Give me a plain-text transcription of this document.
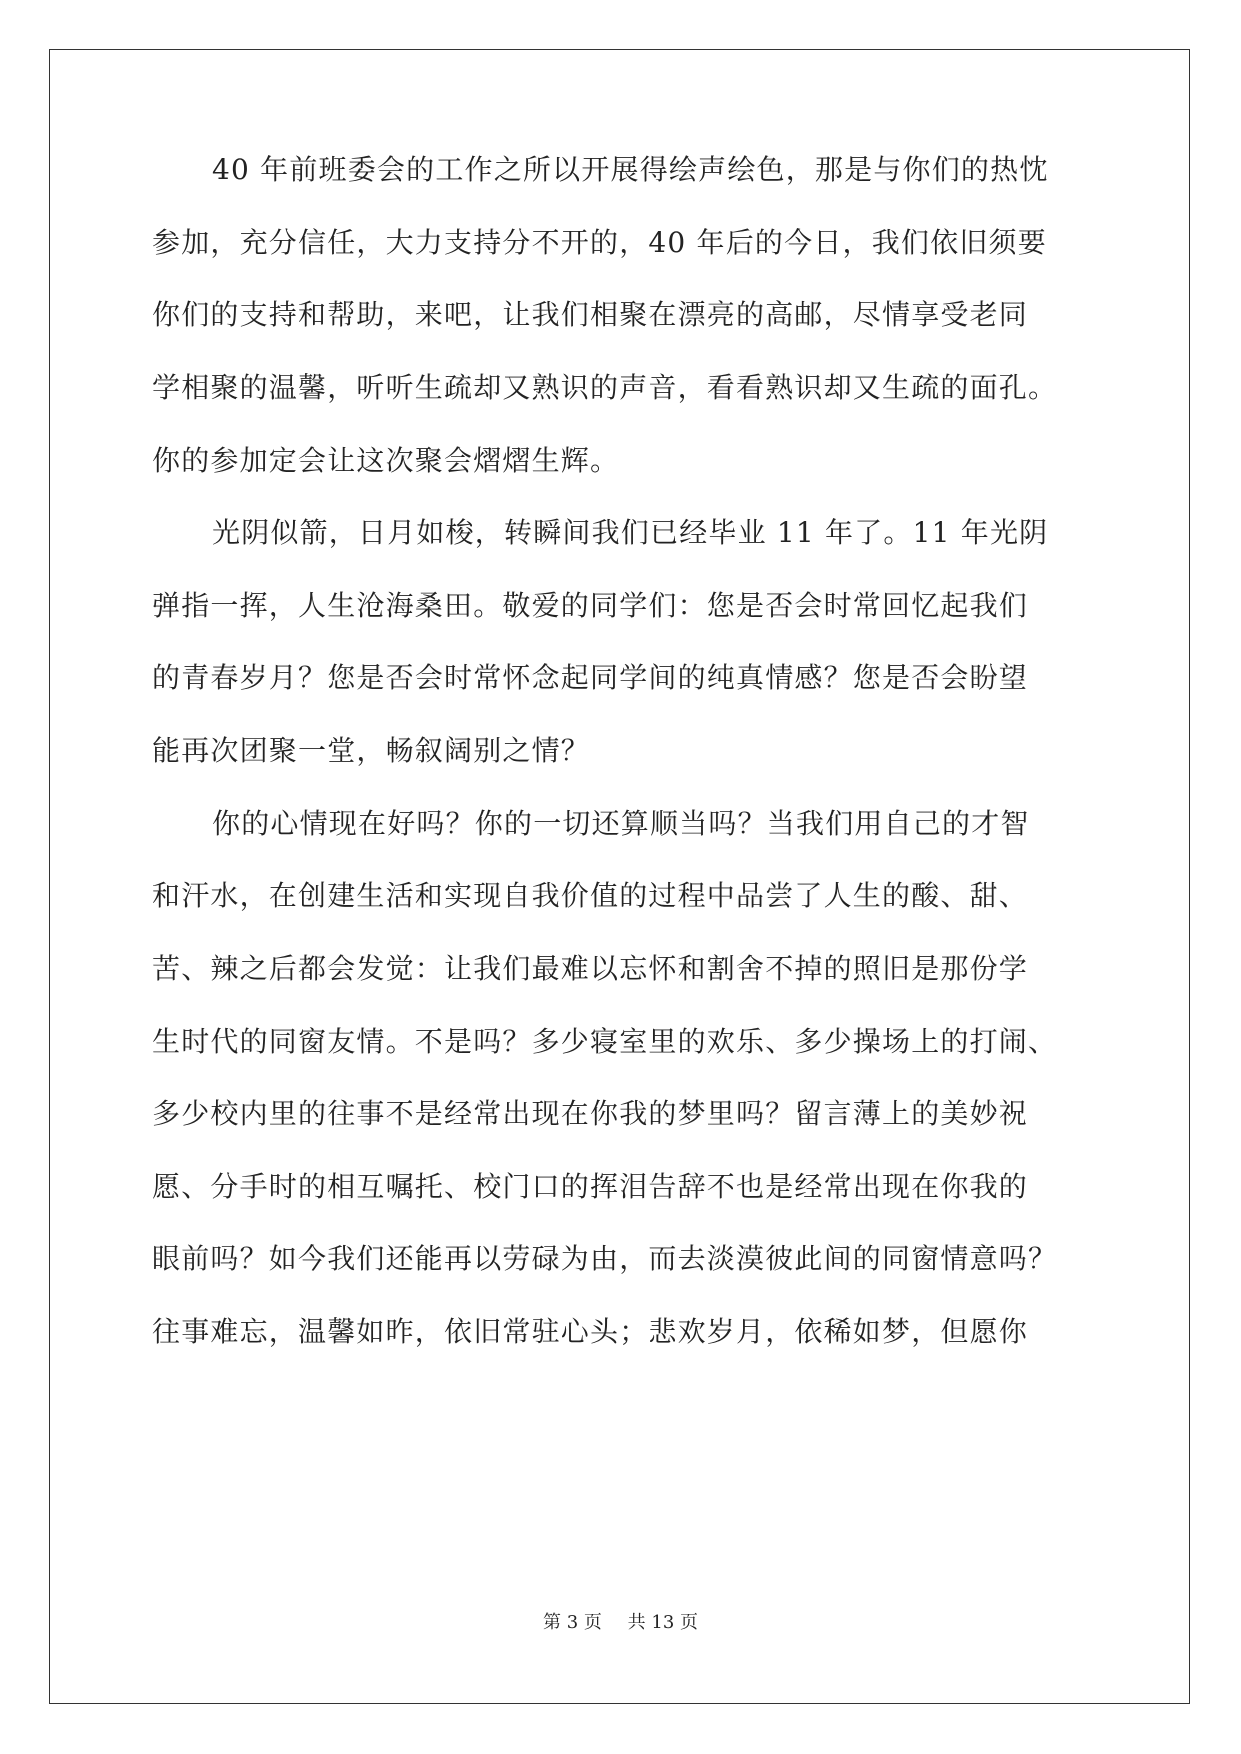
40 年前班委会的工作之所以开展得绘声绘色，那是与你们的热忱
参加，充分信任，大力支持分不开的，40 年后的今日，我们依旧须要
你们的支持和帮助，来吧，让我们相聚在漂亮的高邮，尽情享受老同
学相聚的温馨，听听生疏却又熟识的声音，看看熟识却又生疏的面孔。
你的参加定会让这次聚会熠熠生辉。
光阴似箭，日月如梭，转瞬间我们已经毕业 11 年了。11 年光阴
弹指一挥，人生沧海桑田。敬爱的同学们：您是否会时常回忆起我们
的青春岁月？您是否会时常怀念起同学间的纯真情感？您是否会盼望
能再次团聚一堂，畅叙阔别之情？
你的心情现在好吗？你的一切还算顺当吗？当我们用自己的才智
和汗水，在创建生活和实现自我价值的过程中品尝了人生的酸、甜、
苦、辣之后都会发觉：让我们最难以忘怀和割舍不掉的照旧是那份学
生时代的同窗友情。不是吗？多少寝室里的欢乐、多少操场上的打闹、
多少校内里的往事不是经常出现在你我的梦里吗？留言薄上的美妙祝
愿、分手时的相互嘱托、校门口的挥泪告辞不也是经常出现在你我的
眼前吗？如今我们还能再以劳碌为由，而去淡漠彼此间的同窗情意吗？
往事难忘，温馨如昨，依旧常驻心头；悲欢岁月，依稀如梦，但愿你
第 3 页 共 13 页
